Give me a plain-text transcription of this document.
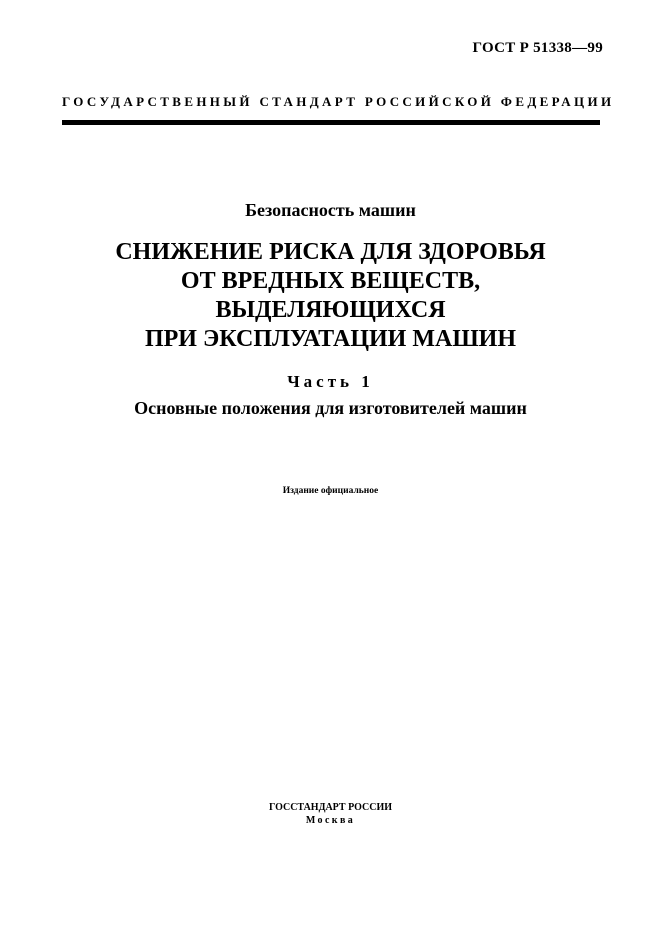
ГОСТ Р 51338—99
ГОСУДАРСТВЕННЫЙ СТАНДАРТ РОССИЙСКОЙ ФЕДЕРАЦИИ
Безопасность машин
СНИЖЕНИЕ РИСКА ДЛЯ ЗДОРОВЬЯ
ОТ ВРЕДНЫХ ВЕЩЕСТВ,
ВЫДЕЛЯЮЩИХСЯ
ПРИ ЭКСПЛУАТАЦИИ МАШИН
Часть 1
Основные положения для изготовителей машин
Издание официальное
ГОССТАНДАРТ РОССИИ
Москва
